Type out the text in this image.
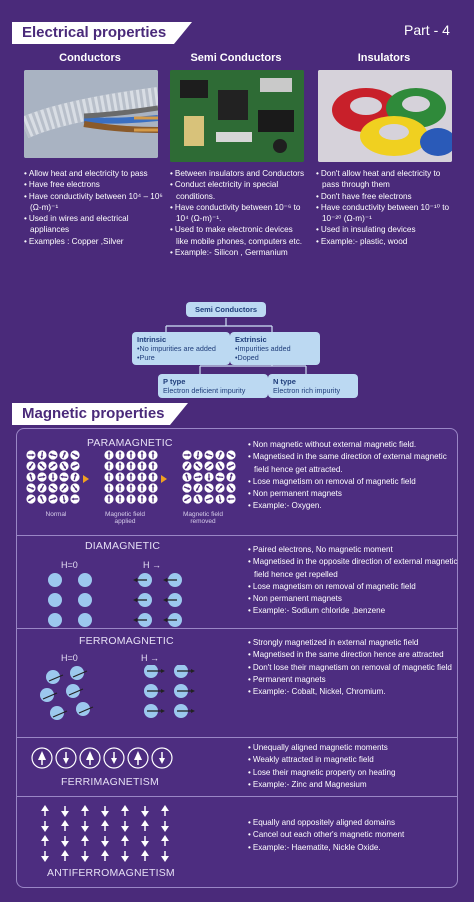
Electrical properties	Part - 4
Conductors	Semi Conductors	Insulators
• Allow heat and electricity to pass
• Have free electrons
• Have conductivity between 10⁴ – 10⁶ (Ω-m)⁻¹
• Used in wires and electrical appliances
• Examples : Copper ,Silver
• Between insulators and Conductors
• Conduct electricity in special conditions.
• Have conductivity between 10⁻⁶ to 10⁴ (Ω-m)⁻¹.
• Used to make electronic devices like mobile phones, computers etc.
• Example:- Silicon , Germanium
• Don't allow heat and electricity to pass through them
• Don't have free electrons
• Have conductivity between 10⁻¹⁰ to 10⁻²⁰ (Ω-m)⁻¹
• Used in insulating devices
• Example:- plastic, wood
Semi Conductors
Intrinsic
•No impurities are added
•Pure
Extrinsic
•Impurities added
•Doped
P type
Electron deficient impurity
N type
Electron rich impurity
Magnetic properties
PARAMAGNETIC
Normal	Magnetic field applied
Magnetic field removed
• Non magnetic without external magnetic field.
• Magnetised in the same direction of external magnetic field hence get attracted.
• Lose magnetism on removal of magnetic field
• Non permanent magnets
• Example:- Oxygen.
DIAMAGNETIC
H=0	H →
• Paired electrons, No magnetic moment
• Magnetised in the opposite direction of external magnetic field hence get repelled
• Lose magnetism on removal of magnetic field
• Non permanent magnets
• Example:- Sodium chloride ,benzene
FERROMAGNETIC
H=0	H →
• Strongly magnetized in external magnetic field
• Magnetised in the same direction hence are attracted
• Don't lose their magnetism on removal of magnetic field
• Permanent magnets
• Example:- Cobalt, Nickel, Chromium.
FERRIMAGNETISM
• Unequally aligned magnetic moments
• Weakly attracted in magnetic field
• Lose their magnetic property on heating
• Example:- Zinc and Magnesium
ANTIFERROMAGNETISM
• Equally and oppositely aligned domains
• Cancel out each other's magnetic moment
• Example:- Haematite, Nickle Oxide.
